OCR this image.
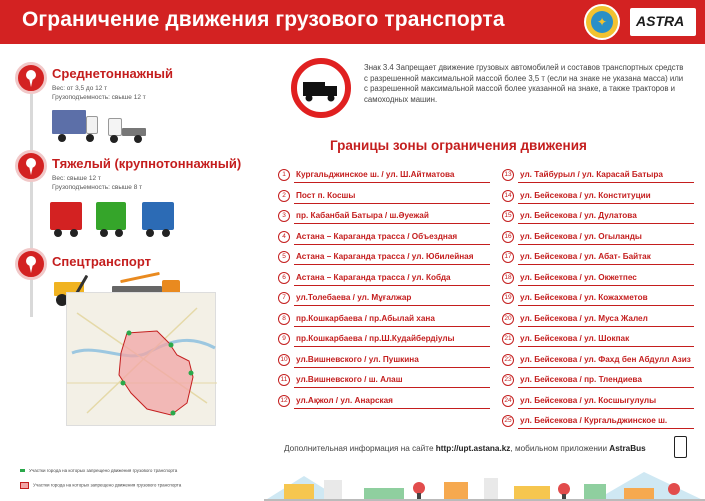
Ограничение движения грузового транспорта	✦	ASTRA
Среднетоннажный
Вес: от 3,5 до 12 т
Грузоподъемность: свыше 12 т
Тяжелый (крупнотоннажный)
Вес: свыше 12 т
Грузоподъемность: свыше 8 т
Спецтранспорт
Участки города на которых запрещено движения грузового транспорта
Участки города на которых запрещено движения грузового транспорта

Знак 3.4 Запрещает движение грузовых автомобилей и составов транспортных средств с разрешенной максимальной массой более 3,5 т (если на знаке не указана масса) или с разрешенной максимальной массой более указанной на знаке, а также тракторов и самоходных машин.

Границы зоны ограничения движения
1	Кургальджинское ш. / ул. Ш.Айтматова
2	Пост п. Косшы
3	пр. Кабанбай Батыра / ш.Әуежай
4	Астана – Караганда трасса / Объездная
5	Астана – Караганда трасса / ул. Юбилейная
6	Астана – Караганда трасса / ул. Кобда
7	ул.Толебаева / ул. Мұғалжар
8	пр.Кошкарбаева / пр.Абылай хана
9	пр.Кошкарбаева / пр.Ш.Кудайбердiулы
10 ул.Вишневского / ул. Пушкина
11	ул.Вишневского / ш. Алаш
12 ул.Ақжол / ул. Анарская
13 ул. Тайбурыл / ул. Карасай Батыра
14 ул. Бейсекова / ул. Конституции
15 ул. Бейсекова / ул. Дулатова
16 ул. Бейсекова / ул. Огыланды
17 ул. Бейсекова / ул. Абат- Байтак
18 ул. Бейсекова / ул. Окжетпес
19 ул. Бейсекова / ул. Кожахметов
20 ул. Бейсекова / ул. Муса Жалел
21 ул. Бейсекова / ул. Шокпак
22 ул. Бейсекова / ул. Фахд бен Абдулл Азиз
23 ул. Бейсекова / пр. Тлендиева
24 ул. Бейсекова / ул. Косшыгулулы
25 ул. Бейсекова / Кургальджинское ш.
Дополнительная информация на сайте http://upt.astana.kz, мобильном приложении AstraBus
